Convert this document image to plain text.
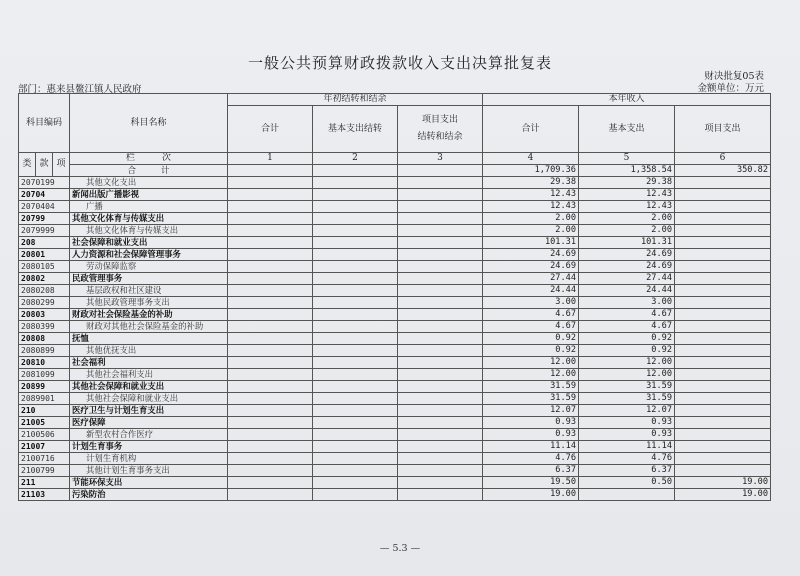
一般公共预算财政拨款收入支出决算批复表
财决批复05表
金额单位：万元
部门：惠来县鳌江镇人民政府
科目编码			科目名称	年初结转和结余			本年收入		
				合计	基本支出结转	项目支出
结转和结余	合计	基本支出	项目支出

类	款	项	栏　　　次	1	2	3	4	5	6
			合　　　计				1,709.36	1,358.54	350.82
2070199			其他文化支出				29.38	29.38	
20704			新闻出版广播影视				12.43	12.43	
2070404			广播				12.43	12.43	
20799			其他文化体育与传媒支出				2.00	2.00	
2079999			其他文化体育与传媒支出				2.00	2.00	
208			社会保障和就业支出				101.31	101.31	
20801			人力资源和社会保障管理事务				24.69	24.69	
2080105			劳动保障监察				24.69	24.69	
20802			民政管理事务				27.44	27.44	
2080208			基层政权和社区建设				24.44	24.44	
2080299			其他民政管理事务支出				3.00	3.00	
20803			财政对社会保险基金的补助				4.67	4.67	
2080399			财政对其他社会保险基金的补助				4.67	4.67	
20808			抚恤				0.92	0.92	
2080899			其他优抚支出				0.92	0.92	
20810			社会福利				12.00	12.00	
2081099			其他社会福利支出				12.00	12.00	
20899			其他社会保障和就业支出				31.59	31.59	
2089901			其他社会保障和就业支出				31.59	31.59	
210			医疗卫生与计划生育支出				12.07	12.07	
21005			医疗保障				0.93	0.93	
2100506			新型农村合作医疗				0.93	0.93	
21007			计划生育事务				11.14	11.14	
2100716			计划生育机构				4.76	4.76	
2100799			其他计划生育事务支出				6.37	6.37	
211			节能环保支出				19.50	0.50	19.00
21103			污染防治				19.00		19.00
— 5.3 —
